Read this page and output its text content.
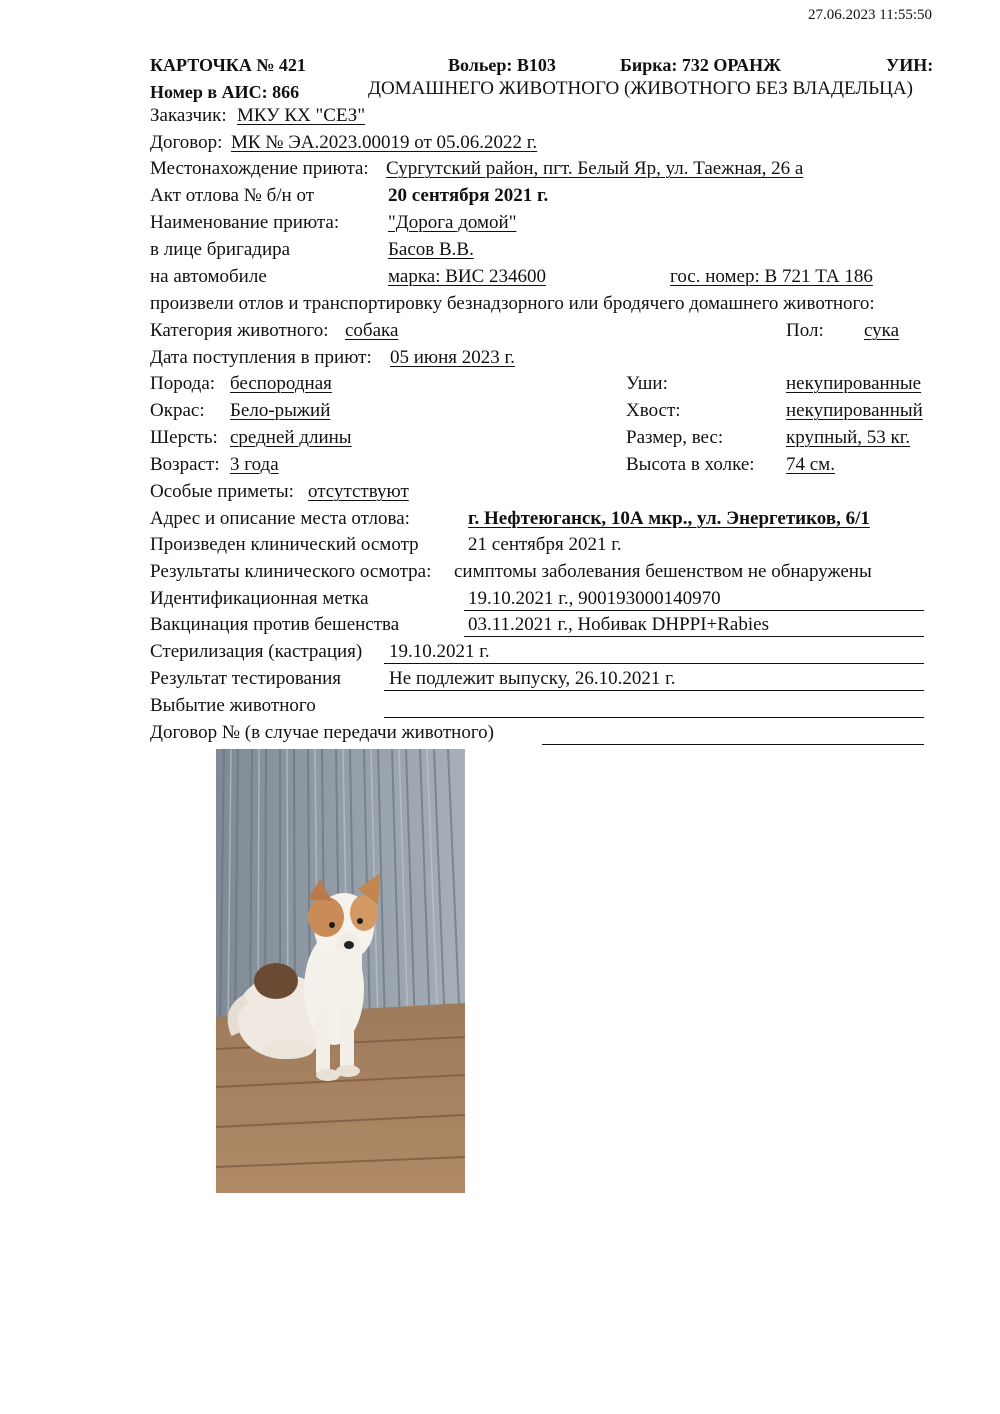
27.06.2023 11:55:50
КАРТОЧКА № 421	Вольер: В103	Бирка: 732 ОРАНЖ	УИН:
Номер в АИС: 866	ДОМАШНЕГО ЖИВОТНОГО (ЖИВОТНОГО БЕЗ ВЛАДЕЛЬЦА)
Заказчик: МКУ КХ "СЕЗ"
Договор: МК № ЭА.2023.00019 от 05.06.2022 г.
Местонахождение приюта: Сургутский район, пгт. Белый Яр, ул. Таежная, 26 а
Акт отлова № б/н от	20 сентября 2021 г.
Наименование приюта:	"Дорога домой"
в лице бригадира	Басов В.В.
на автомобиле	марка: ВИС 234600	гос. номер: В 721 ТА 186
произвели отлов и транспортировку безнадзорного или бродячего домашнего животного:
Категория животного: собака	Пол: сука
Дата поступления в приют: 05 июня 2023 г.
Порода: беспородная	Уши:	некупированные
Окрас: Бело-рыжий	Хвост:	некупированный
Шерсть: средней длины	Размер, вес:	крупный, 53 кг.
Возраст: 3 года	Высота в холке: 74 см.
Особые приметы: отсутствуют
Адрес и описание места отлова:	г. Нефтеюганск, 10А мкр., ул. Энергетиков, 6/1
Произведен клинический осмотр	21 сентября 2021 г.
Результаты клинического осмотра: симптомы заболевания бешенством не обнаружены
Идентификационная метка	19.10.2021 г., 900193000140970
Вакцинация против бешенства	03.11.2021 г., Нобивак DHPPI+Rabies
Стерилизация (кастрация) 19.10.2021 г.
Результат тестирования	Не подлежит выпуску, 26.10.2021 г.
Выбытие животного
Договор № (в случае передачи животного)
